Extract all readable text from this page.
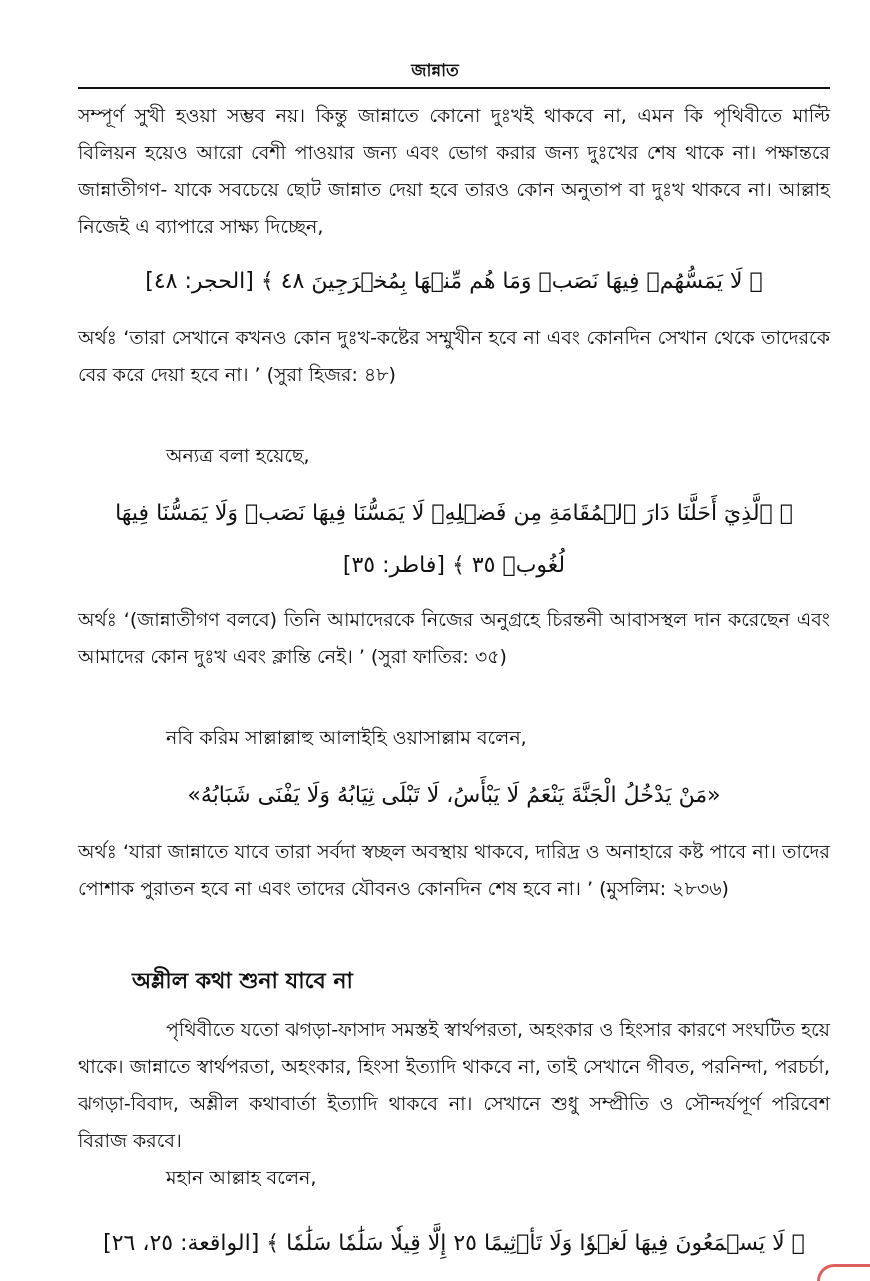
জান্নাত

সম্পূর্ণ সুখী হওয়া সম্ভব নয়। কিন্তু জান্নাতে কোনো দুঃখই থাকবে না, এমন কি পৃথিবীতে মাল্টি বিলিয়ন হয়েও আরো বেশী পাওয়ার জন্য এবং ভোগ করার জন্য দুঃখের শেষ থাকে না। পক্ষান্তরে জান্নাতীগণ- যাকে সবচেয়ে ছোট জান্নাত দেয়া হবে তারও কোন অনুতাপ বা দুঃখ থাকবে না। আল্লাহ নিজেই এ ব্যাপারে সাক্ষ্য দিচ্ছেন,

﴿ لَا يَمَسُّهُمۡ فِيهَا نَصَبٞ وَمَا هُم مِّنۡهَا بِمُخۡرَجِينَ ٤٨ ﴾ [الحجر: ٤٨]

অর্থঃ ‘তারা সেখানে কখনও কোন দুঃখ-কষ্টের সম্মুখীন হবে না এবং কোনদিন সেখান থেকে তাদেরকে বের করে দেয়া হবে না। ’ (সুরা হিজর: ৪৮)

অন্যত্র বলা হয়েছে,

﴿ ٱلَّذِيٓ أَحَلَّنَا دَارَ ٱلۡمُقَامَةِ مِن فَضۡلِهِۦ لَا يَمَسُّنَا فِيهَا نَصَبٞ وَلَا يَمَسُّنَا فِيهَا

لُغُوبٞ ٣٥ ﴾ [فاطر: ٣٥]

অর্থঃ ‘(জান্নাতীগণ বলবে) তিনি আমাদেরকে নিজের অনুগ্রহে চিরন্তনী আবাসস্থল দান করেছেন এবং আমাদের কোন দুঃখ এবং ক্লান্তি নেই। ’ (সুরা ফাতির: ৩৫)

নবি করিম সাল্লাল্লাহু আলাইহি ওয়াসাল্লাম বলেন,

«مَنْ يَدْخُلُ الْجَنَّةَ يَنْعَمُ لَا يَبْأَسُ، لَا تَبْلَى ثِيَابُهُ وَلَا يَفْنَى شَبَابُهُ»

অর্থঃ ‘যারা জান্নাতে যাবে তারা সর্বদা স্বচ্ছল অবস্থায় থাকবে, দারিদ্র ও অনাহারে কষ্ট পাবে না। তাদের পোশাক পুরাতন হবে না এবং তাদের যৌবনও কোনদিন শেষ হবে না। ’ (মুসলিম: ২৮৩৬)

অশ্লীল কথা শুনা যাবে না

পৃথিবীতে যতো ঝগড়া-ফাসাদ সমস্তই স্বার্থপরতা, অহংকার ও হিংসার কারণে সংঘটিত হয়ে থাকে। জান্নাতে স্বার্থপরতা, অহংকার, হিংসা ইত্যাদি থাকবে না, তাই সেখানে গীবত, পরনিন্দা, পরচর্চা, ঝগড়া-বিবাদ, অশ্লীল কথাবার্তা ইত্যাদি থাকবে না। সেখানে শুধু সম্প্রীতি ও সৌন্দর্যপূর্ণ পরিবেশ বিরাজ করবে।

মহান আল্লাহ বলেন,

﴿ لَا يَسۡمَعُونَ فِيهَا لَغۡوٗا وَلَا تَأۡثِيمًا ٢٥ إِلَّا قِيلٗا سَلَٰمٗا سَلَٰمٗا ﴾ [الواقعة: ٢٥، ٢٦]
